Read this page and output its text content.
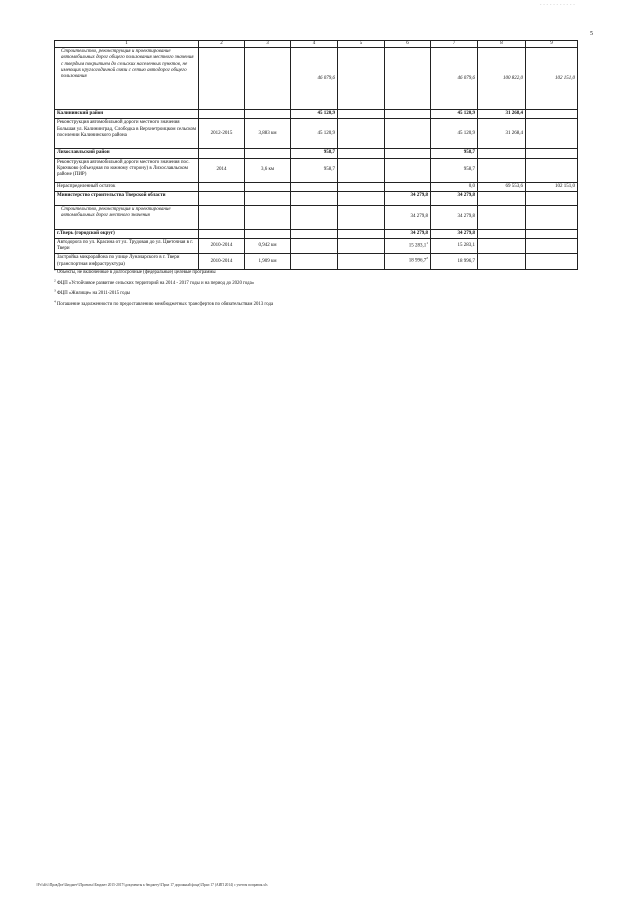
- - - - - - - - - - -
5
1	2	3	4	5	6	7	8	9
Строительство, реконструкция и проектирование автомобильных дорог общего пользования местного значения с твердым покрытием до сельских населенных пунктов, не имеющих круглогодичной связи с сетью автодорог общего пользования			46 079,6			46 079,6	100 822,0	102 151,0
Калининский район			45 120,9			45 120,9	31 268,4	
Реконструкция автомобильной дороги местного значения Большая ул. Калининград, Слободка в Верхнетроицком сельском поселении Калининского района	2012-2015	3,883 км	45 120,9			45 120,9	31 268,4	
Лихославльский район			958,7			958,7		
Реконструкция автомобильной дороги местного значения пос. Крючково (объездная по южному сторону) в Лихославльском районе (ПИР)	2014	3,6 км	958,7			958,7		
Нераспределенный остаток						0,0	69 553,6	102 151,0
Министерство строительства Тверской области					34 279,8	34 279,8		
Строительство, реконструкция и проектирование автомобильных дорог местного значения					34 279,8	34 279,8		
г.Тверь (городской округ)					34 279,8	34 279,8		
Автодорога по ул. Красина от ул. Трудовая до ул. Цветочная в г. Твери	2010-2014	0,942 км			15 283,1$^1$	15 283,1		
Застройка микрорайона по улице Луначарского в г. Твери (транспортная инфраструктура)	2010-2014	1,909 км			18 996,7$^2$	18 996,7		
$^1$ Объекты, не включенные в долгосрочные (федеральные) целевые программы
$^2$ ФЦП «Устойчивое развитие сельских территорий на 2014 - 2017 годы и на период до 2020 года»
$^3$ ФЦП «Жилище» на 2011-2015 годы
$^4$ Погашение задолженности по предоставлению межбюджетных трансфертов по обязательствам 2013 года
\\Fs\\dfs\\ПравДел\\Бюджет\\Проекты\\Бюджет 2015-2017\\документы к бюджету\\Прил 17 дорожный фонд\\Прил 17 (АИП 2014) с учетом поправок.xls
